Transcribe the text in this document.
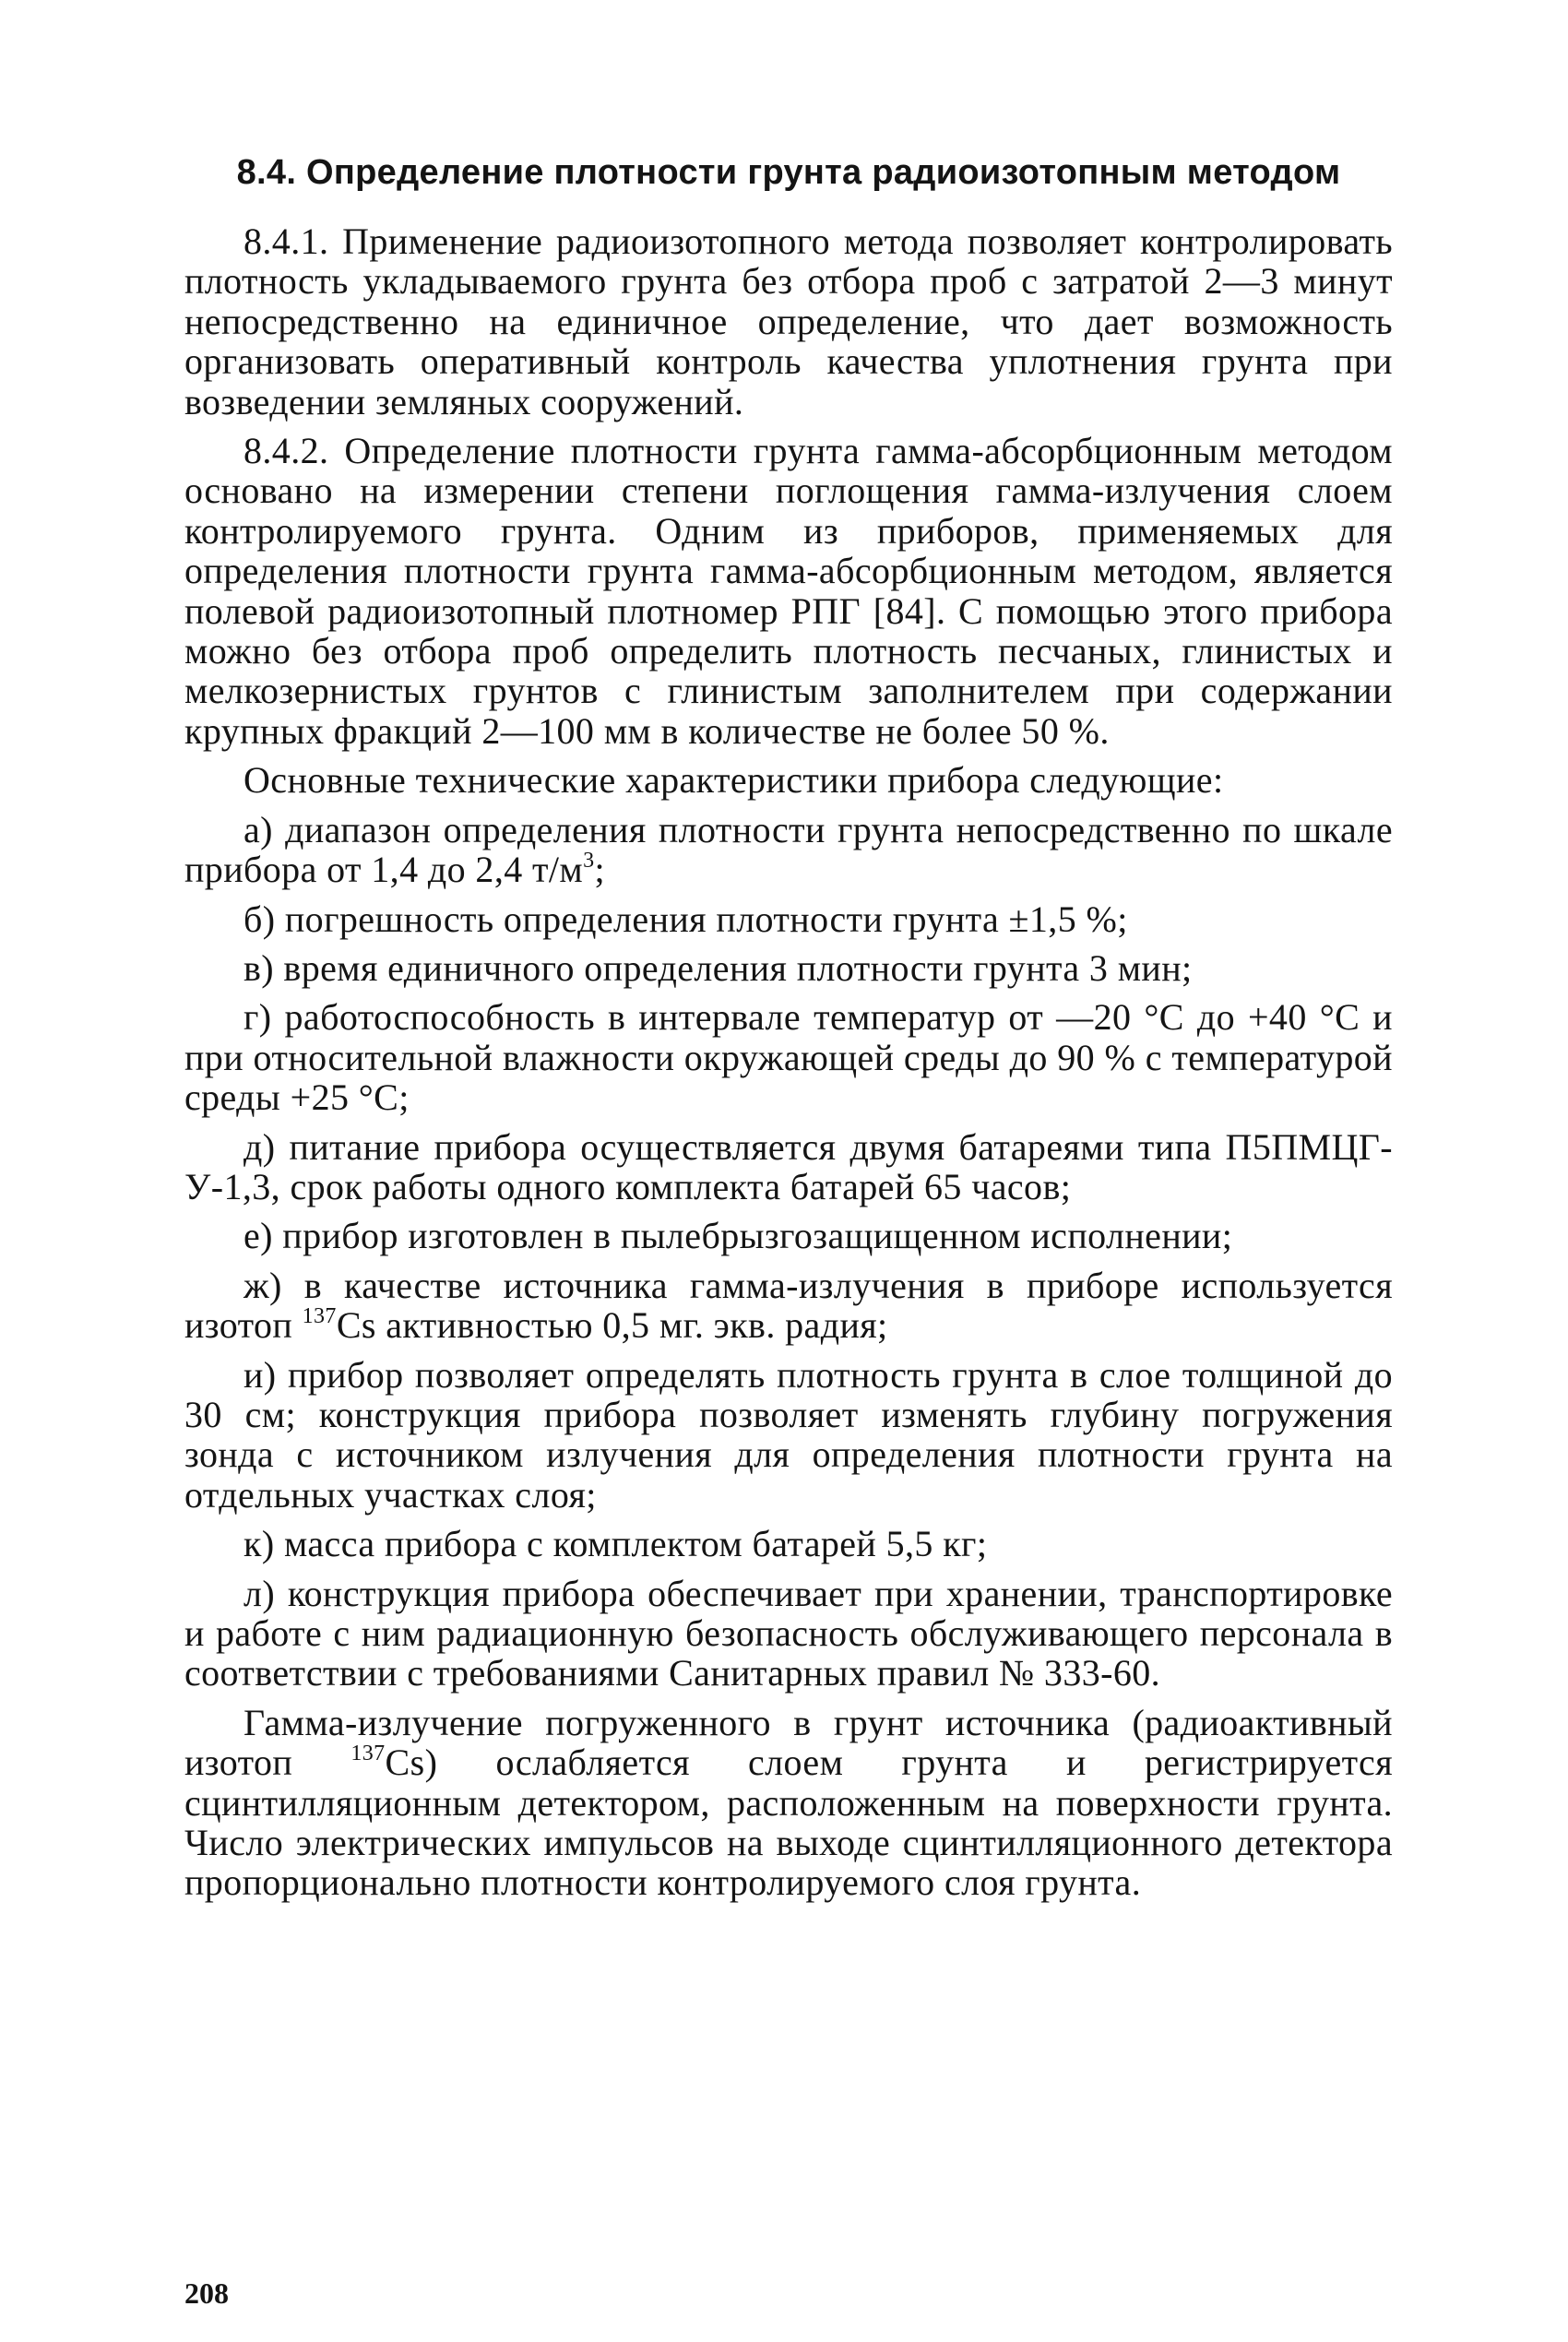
8.4. Определение плотности грунта радиоизотопным методом
8.4.1. Применение радиоизотопного метода позволяет контролировать плотность укладываемого грунта без отбора проб с затратой 2—3 минут непосредственно на единичное определение, что дает возможность организовать оперативный контроль качества уплотнения грунта при возведении земляных сооружений.
8.4.2. Определение плотности грунта гамма-абсорбционным методом основано на измерении степени поглощения гамма-излучения слоем контролируемого грунта. Одним из приборов, применяемых для определения плотности грунта гамма-абсорбционным методом, является полевой радиоизотопный плотномер РПГ [84]. С помощью этого прибора можно без отбора проб определить плотность песчаных, глинистых и мелкозернистых грунтов с глинистым заполнителем при содержании крупных фракций 2—100 мм в количестве не более 50 %.
Основные технические характеристики прибора следующие:
а) диапазон определения плотности грунта непосредственно по шкале прибора от 1,4 до 2,4 $т/м^3$;
б) погрешность определения плотности грунта ±1,5 %;
в) время единичного определения плотности грунта 3 мин;
г) работоспособность в интервале температур от —20 °С до +40 °С и при относительной влажности окружающей среды до 90 % с температурой среды +25 °С;
д) питание прибора осуществляется двумя батареями типа П5ПМЦГ-У-1,3, срок работы одного комплекта батарей 65 часов;
е) прибор изготовлен в пылебрызгозащищенном исполнении;
ж) в качестве источника гамма-излучения в приборе используется изотоп $^{137}$Cs активностью 0,5 мг. экв. радия;
и) прибор позволяет определять плотность грунта в слое толщиной до 30 см; конструкция прибора позволяет изменять глубину погружения зонда с источником излучения для определения плотности грунта на отдельных участках слоя;
к) масса прибора с комплектом батарей 5,5 кг;
л) конструкция прибора обеспечивает при хранении, транспортировке и работе с ним радиационную безопасность обслуживающего персонала в соответствии с требованиями Санитарных правил № 333-60.
Гамма-излучение погруженного в грунт источника (радиоактивный изотоп $^{137}$Cs) ослабляется слоем грунта и регистрируется сцинтилляционным детектором, расположенным на поверхности грунта. Число электрических импульсов на выходе сцинтилляционного детектора пропорционально плотности контролируемого слоя грунта.
208
